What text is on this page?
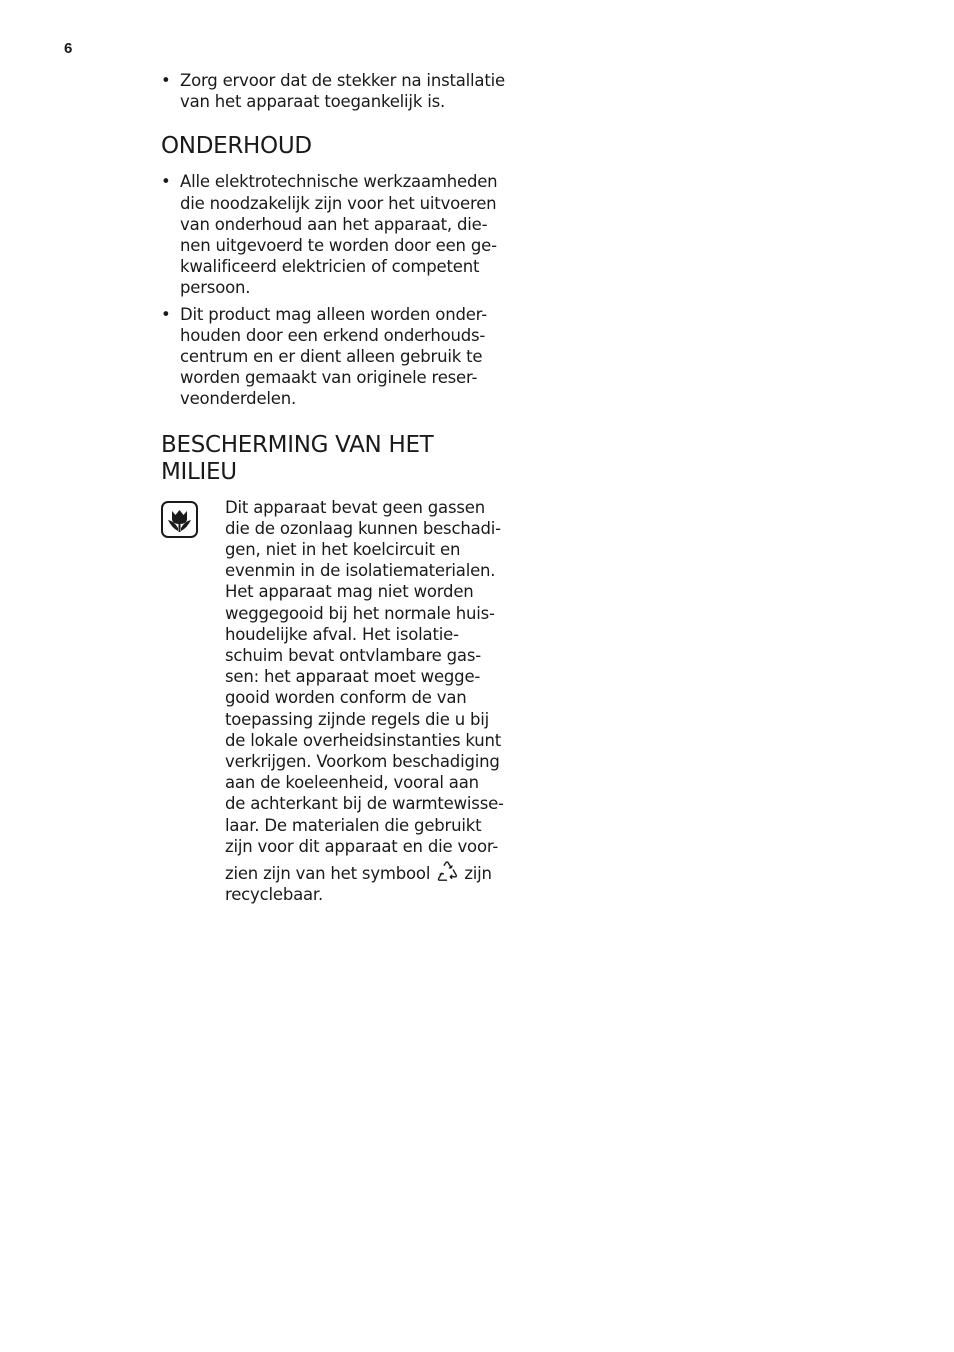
6
• Zorg ervoor dat de stekker na installatie
van het apparaat toegankelijk is.
ONDERHOUD
• Alle elektrotechnische werkzaamheden
die noodzakelijk zijn voor het uitvoeren
van onderhoud aan het apparaat, die-
nen uitgevoerd te worden door een ge-
kwalificeerd elektricien of competent
persoon.
• Dit product mag alleen worden onder-
houden door een erkend onderhouds-
centrum en er dient alleen gebruik te
worden gemaakt van originele reser-
veonderdelen.
BESCHERMING VAN HET
MILIEU
Dit apparaat bevat geen gassen
die de ozonlaag kunnen beschadi-
gen, niet in het koelcircuit en
evenmin in de isolatiematerialen.
Het apparaat mag niet worden
weggegooid bij het normale huis-
houdelijke afval. Het isolatie-
schuim bevat ontvlambare gas-
sen: het apparaat moet wegge-
gooid worden conform de van
toepassing zijnde regels die u bij
de lokale overheidsinstanties kunt
verkrijgen. Voorkom beschadiging
aan de koeleenheid, vooral aan
de achterkant bij de warmtewisse-
laar. De materialen die gebruikt
zijn voor dit apparaat en die voor-
zien zijn van het symbool zijn
recyclebaar.
